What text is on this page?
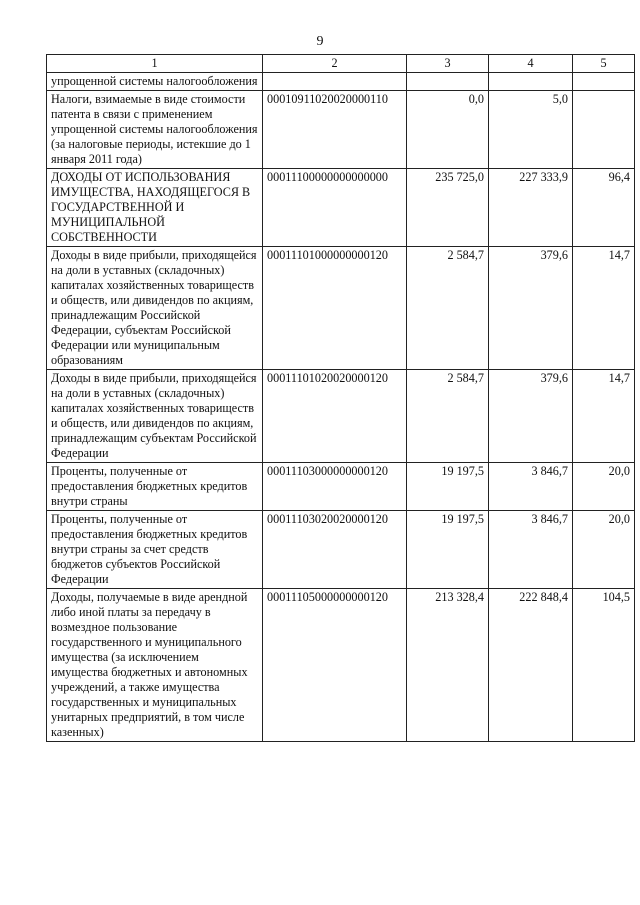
9
1	2	3	4	5
упрощенной системы налогообложения				
Налоги, взимаемые в виде стоимости патента в связи с применением упрощенной системы налогообложения (за налоговые периоды, истекшие до 1 января 2011 года)	00010911020020000110	0,0	5,0	
ДОХОДЫ ОТ ИСПОЛЬЗОВАНИЯ ИМУЩЕСТВА, НАХОДЯЩЕГОСЯ В ГОСУДАРСТВЕННОЙ И МУНИЦИПАЛЬНОЙ СОБСТВЕННОСТИ	00011100000000000000	235 725,0	227 333,9	96,4
Доходы в виде прибыли, приходящейся на доли в уставных (складочных) капиталах хозяйственных товариществ и обществ, или дивидендов по акциям, принадлежащим Российской Федерации, субъектам Российской Федерации или муниципальным образованиям	00011101000000000120	2 584,7	379,6	14,7
Доходы в виде прибыли, приходящейся на доли в уставных (складочных) капиталах хозяйственных товариществ и обществ, или дивидендов по акциям, принадлежащим субъектам Российской Федерации	00011101020020000120	2 584,7	379,6	14,7
Проценты, полученные от предоставления бюджетных кредитов внутри страны	00011103000000000120	19 197,5	3 846,7	20,0
Проценты, полученные от предоставления бюджетных кредитов внутри страны за счет средств бюджетов субъектов Российской Федерации	00011103020020000120	19 197,5	3 846,7	20,0
Доходы, получаемые в виде арендной либо иной платы за передачу в возмездное пользование государственного и муниципального имущества (за исключением имущества бюджетных и автономных учреждений, а также имущества государственных и муниципальных унитарных предприятий, в том числе казенных)	00011105000000000120	213 328,4	222 848,4	104,5
